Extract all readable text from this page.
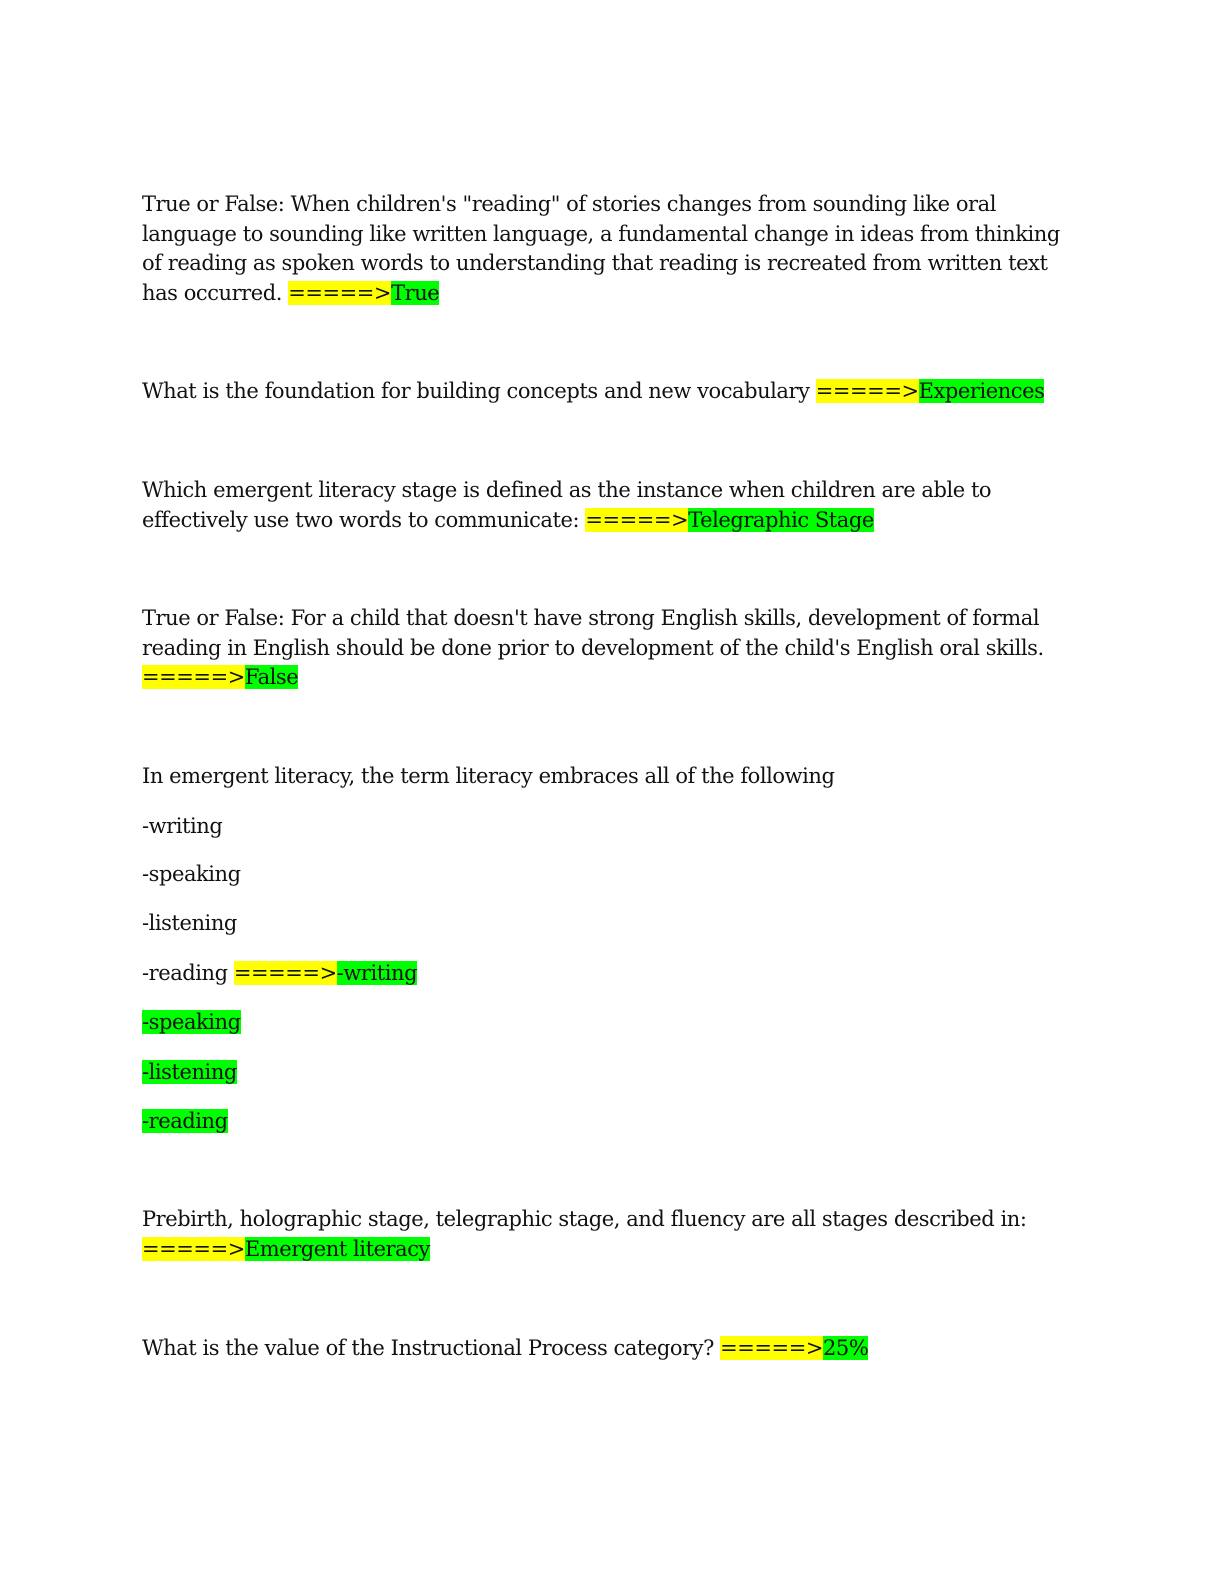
True or False: When children's "reading" of stories changes from sounding like oral language to sounding like written language, a fundamental change in ideas from thinking of reading as spoken words to understanding that reading is recreated from written text has occurred. =====>True
What is the foundation for building concepts and new vocabulary =====>Experiences
Which emergent literacy stage is defined as the instance when children are able to effectively use two words to communicate: =====>Telegraphic Stage
True or False: For a child that doesn't have strong English skills, development of formal reading in English should be done prior to development of the child's English oral skills. =====>False
In emergent literacy, the term literacy embraces all of the following
-writing
-speaking
-listening
-reading =====>-writing
-speaking
-listening
-reading
Prebirth, holographic stage, telegraphic stage, and fluency are all stages described in: =====>Emergent literacy
What is the value of the Instructional Process category? =====>25%
